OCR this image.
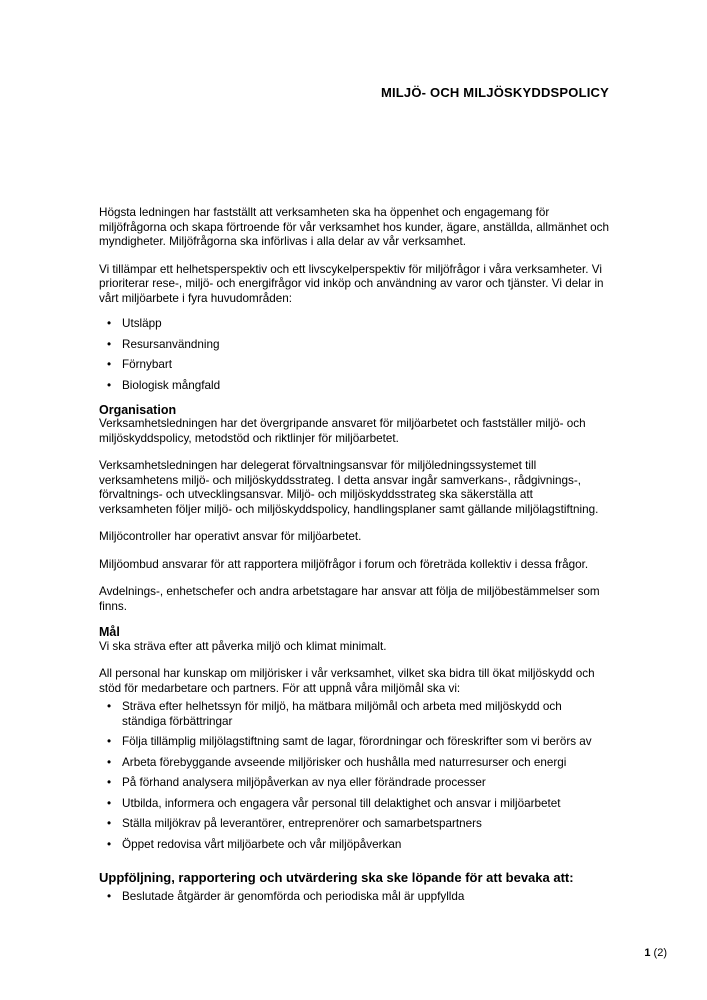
MILJÖ- OCH MILJÖSKYDDSPOLICY

Högsta ledningen har fastställt att verksamheten ska ha öppenhet och engagemang för miljöfrågorna och skapa förtroende för vår verksamhet hos kunder, ägare, anställda, allmänhet och myndigheter. Miljöfrågorna ska införlivas i alla delar av vår verksamhet.

Vi tillämpar ett helhetsperspektiv och ett livscykelperspektiv för miljöfrågor i våra verksamheter. Vi prioriterar rese-, miljö- och energifrågor vid inköp och användning av varor och tjänster. Vi delar in vårt miljöarbete i fyra huvudområden:

• Utsläpp
• Resursanvändning
• Förnybart
• Biologisk mångfald
Organisation

Verksamhetsledningen har det övergripande ansvaret för miljöarbetet och fastställer miljö- och miljöskyddspolicy, metodstöd och riktlinjer för miljöarbetet.

Verksamhetsledningen har delegerat förvaltningsansvar för miljöledningssystemet till verksamhetens miljö- och miljöskyddsstrateg. I detta ansvar ingår samverkans-, rådgivnings-, förvaltnings- och utvecklingsansvar. Miljö- och miljöskyddsstrateg ska säkerställa att verksamheten följer miljö- och miljöskyddspolicy, handlingsplaner samt gällande miljölagstiftning.

Miljöcontroller har operativt ansvar för miljöarbetet.

Miljöombud ansvarar för att rapportera miljöfrågor i forum och företräda kollektiv i dessa frågor.

Avdelnings-, enhetschefer och andra arbetstagare har ansvar att följa de miljöbestämmelser som finns.

Mål

Vi ska sträva efter att påverka miljö och klimat minimalt.

All personal har kunskap om miljörisker i vår verksamhet, vilket ska bidra till ökat miljöskydd och stöd för medarbetare och partners. För att uppnå våra miljömål ska vi:

• Sträva efter helhetssyn för miljö, ha mätbara miljömål och arbeta med miljöskydd och ständiga förbättringar
• Följa tillämplig miljölagstiftning samt de lagar, förordningar och föreskrifter som vi berörs av
• Arbeta förebyggande avseende miljörisker och hushålla med naturresurser och energi
• På förhand analysera miljöpåverkan av nya eller förändrade processer
• Utbilda, informera och engagera vår personal till delaktighet och ansvar i miljöarbetet
• Ställa miljökrav på leverantörer, entreprenörer och samarbetspartners
• Öppet redovisa vårt miljöarbete och vår miljöpåverkan
Uppföljning, rapportering och utvärdering ska ske löpande för att bevaka att:
• Beslutade åtgärder är genomförda och periodiska mål är uppfyllda
1 (2)
